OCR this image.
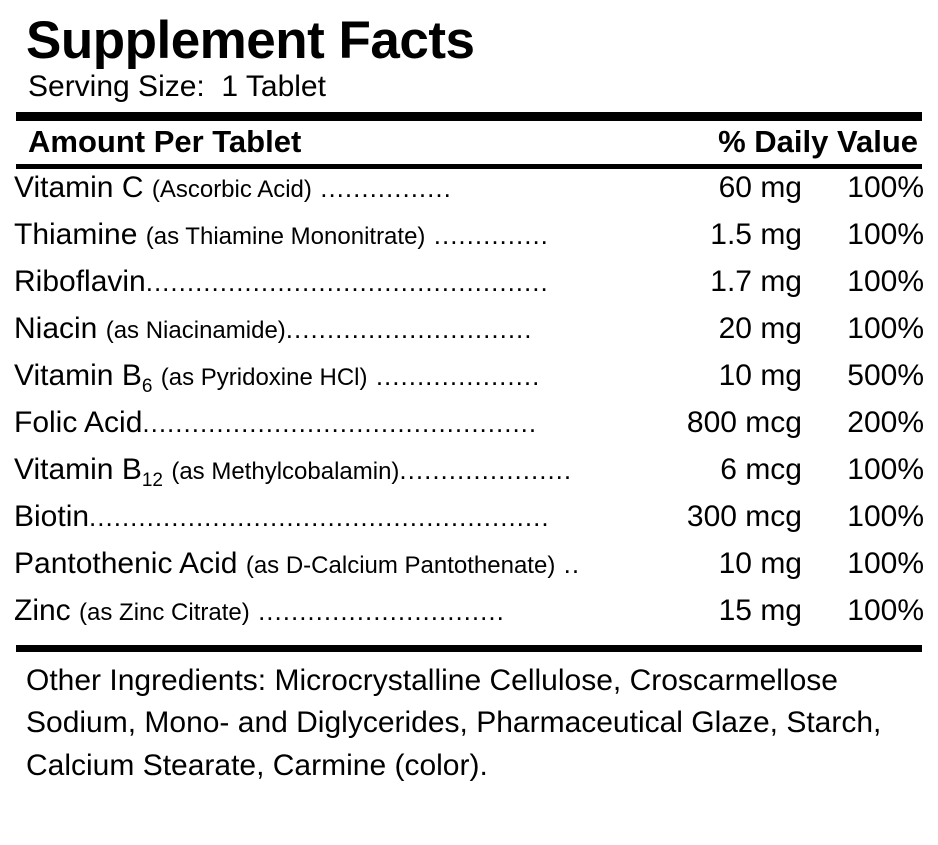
Supplement Facts
Serving Size:  1 Tablet
Amount Per Tablet	% Daily Value
Vitamin C (Ascorbic Acid) ................	60 mg	100%
Thiamine (as Thiamine Mononitrate) ..............	1.5 mg	100%
Riboflavin.................................................	1.7 mg	100%
Niacin (as Niacinamide)..............................	20 mg	100%
Vitamin $B_6$ (as Pyridoxine HCl) ....................	10 mg	500%
Folic Acid................................................	800 mcg	200%
Vitamin $B_{12}$ (as Methylcobalamin).....................	6 mcg	100%
Biotin........................................................	300 mcg	100%
Pantothenic Acid (as D-Calcium Pantothenate) ..	10 mg	100%
Zinc (as Zinc Citrate) ..............................	15 mg	100%
Other Ingredients: Microcrystalline Cellulose, Croscarmellose Sodium, Mono- and Diglycerides, Pharmaceutical Glaze, Starch, Calcium Stearate, Carmine (color).
